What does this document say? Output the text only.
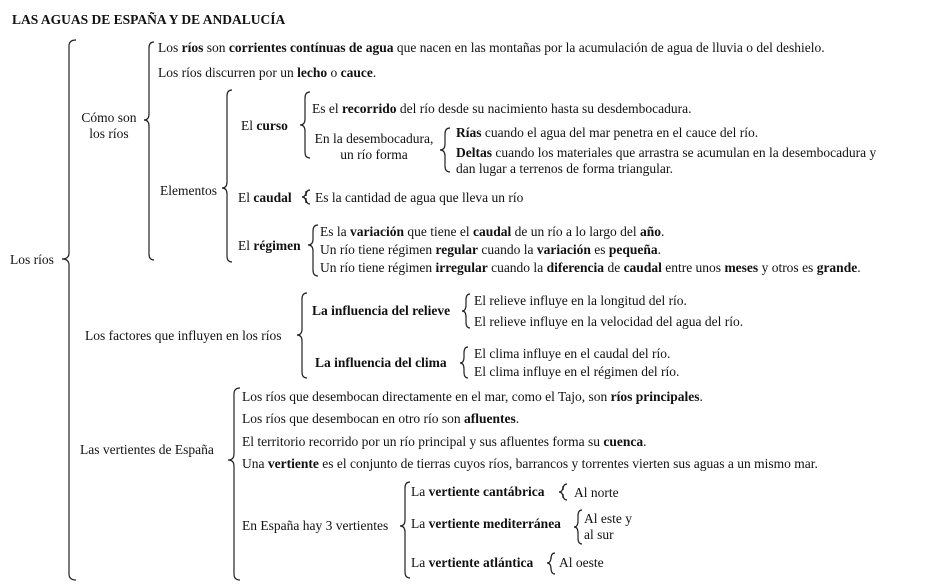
LAS AGUAS DE ESPAÑA Y DE ANDALUCÍA
Los ríos
Cómo son
los ríos
Los ríos son corrientes contínuas de agua que nacen en las montañas por la acumulación de agua de lluvia o del deshielo.
Los ríos discurren por un lecho o cauce.
Elementos
El curso
Es el recorrido del río desde su nacimiento hasta su desdembocadura.
En la desembocadura,
un río forma
Rías cuando el agua del mar penetra en el cauce del río.
Deltas cuando los materiales que arrastra se acumulan en la desembocadura y
dan lugar a terrenos de forma triangular.
El caudal Es la cantidad de agua que lleva un río
El régimen
Es la variación que tiene el caudal de un río a lo largo del año.
Un río tiene régimen regular cuando la variación es pequeña.
Un río tiene régimen irregular cuando la diferencia de caudal entre unos meses y otros es grande.
Los factores que influyen en los ríos
La influencia del relieve
El relieve influye en la longitud del río.
El relieve influye en la velocidad del agua del río.
La influencia del clima
El clima influye en el caudal del río.
El clima influye en el régimen del río.
Las vertientes de España
Los ríos que desembocan directamente en el mar, como el Tajo, son ríos principales.
Los ríos que desembocan en otro río son afluentes.
El territorio recorrido por un río principal y sus afluentes forma su cuenca.
Una vertiente es el conjunto de tierras cuyos ríos, barrancos y torrentes vierten sus aguas a un mismo mar.
En España hay 3 vertientes
La vertiente cantábrica Al norte
La vertiente mediterránea Al este y
al sur
La vertiente atlántica Al oeste
